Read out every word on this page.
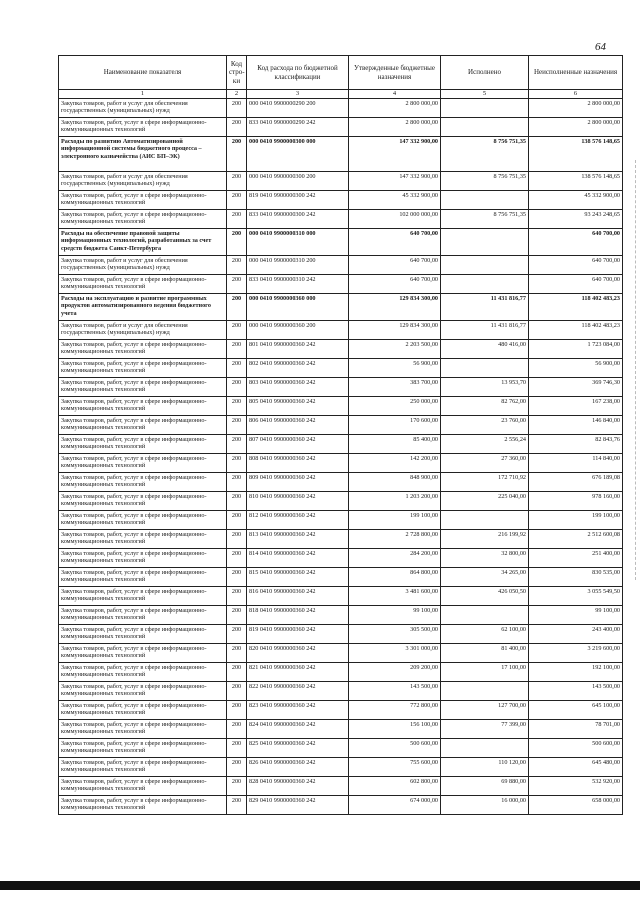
64
Наименование показателя	Код стро-ки	Код расхода по бюджетной классификации	Утвержденные бюджетные назначения	Исполнено	Неисполненные назначения
1	2	3	4	5	6
Закупка товаров, работ и услуг для обеспечения государственных (муниципальных) нужд	200	000 0410 9900000290 200	2 800 000,00		2 800 000,00
Закупка товаров, работ, услуг в сфере информационно-коммуникационных технологий	200	833 0410 9900000290 242	2 800 000,00		2 800 000,00
Расходы по развитию Автоматизированной информационной системы бюджетного процесса – электронного казначейства (АИС БП–ЭК)	200	000 0410 9900000300 000	147 332 900,00	8 756 751,35	138 576 148,65
Закупка товаров, работ и услуг для обеспечения государственных (муниципальных) нужд	200	000 0410 9900000300 200	147 332 900,00	8 756 751,35	138 576 148,65
Закупка товаров, работ, услуг в сфере информационно-коммуникационных технологий	200	819 0410 9900000300 242	45 332 900,00		45 332 900,00
Закупка товаров, работ, услуг в сфере информационно-коммуникационных технологий	200	833 0410 9900000300 242	102 000 000,00	8 756 751,35	93 243 248,65
Расходы на обеспечение правовой защиты информационных технологий, разработанных за счет средств бюджета Санкт-Петербурга	200	000 0410 9900000310 000	640 700,00		640 700,00
Закупка товаров, работ и услуг для обеспечения государственных (муниципальных) нужд	200	000 0410 9900000310 200	640 700,00		640 700,00
Закупка товаров, работ, услуг в сфере информационно-коммуникационных технологий	200	833 0410 9900000310 242	640 700,00		640 700,00
Расходы на эксплуатацию и развитие программных продуктов автоматизированного ведения бюджетного учета	200	000 0410 9900000360 000	129 834 300,00	11 431 816,77	118 402 483,23
Закупка товаров, работ и услуг для обеспечения государственных (муниципальных) нужд	200	000 0410 9900000360 200	129 834 300,00	11 431 816,77	118 402 483,23
Закупка товаров, работ, услуг в сфере информационно-коммуникационных технологий	200	801 0410 9900000360 242	2 203 500,00	480 416,00	1 723 084,00
Закупка товаров, работ, услуг в сфере информационно-коммуникационных технологий	200	802 0410 9900000360 242	56 900,00		56 900,00
Закупка товаров, работ, услуг в сфере информационно-коммуникационных технологий	200	803 0410 9900000360 242	383 700,00	13 953,70	369 746,30
Закупка товаров, работ, услуг в сфере информационно-коммуникационных технологий	200	805 0410 9900000360 242	250 000,00	82 762,00	167 238,00
Закупка товаров, работ, услуг в сфере информационно-коммуникационных технологий	200	806 0410 9900000360 242	170 600,00	23 760,00	146 840,00
Закупка товаров, работ, услуг в сфере информационно-коммуникационных технологий	200	807 0410 9900000360 242	85 400,00	2 556,24	82 843,76
Закупка товаров, работ, услуг в сфере информационно-коммуникационных технологий	200	808 0410 9900000360 242	142 200,00	27 360,00	114 840,00
Закупка товаров, работ, услуг в сфере информационно-коммуникационных технологий	200	809 0410 9900000360 242	848 900,00	172 710,92	676 189,08
Закупка товаров, работ, услуг в сфере информационно-коммуникационных технологий	200	810 0410 9900000360 242	1 203 200,00	225 040,00	978 160,00
Закупка товаров, работ, услуг в сфере информационно-коммуникационных технологий	200	812 0410 9900000360 242	199 100,00		199 100,00
Закупка товаров, работ, услуг в сфере информационно-коммуникационных технологий	200	813 0410 9900000360 242	2 728 800,00	216 199,92	2 512 600,08
Закупка товаров, работ, услуг в сфере информационно-коммуникационных технологий	200	814 0410 9900000360 242	284 200,00	32 800,00	251 400,00
Закупка товаров, работ, услуг в сфере информационно-коммуникационных технологий	200	815 0410 9900000360 242	864 800,00	34 265,00	830 535,00
Закупка товаров, работ, услуг в сфере информационно-коммуникационных технологий	200	816 0410 9900000360 242	3 481 600,00	426 050,50	3 055 549,50
Закупка товаров, работ, услуг в сфере информационно-коммуникационных технологий	200	818 0410 9900000360 242	99 100,00		99 100,00
Закупка товаров, работ, услуг в сфере информационно-коммуникационных технологий	200	819 0410 9900000360 242	305 500,00	62 100,00	243 400,00
Закупка товаров, работ, услуг в сфере информационно-коммуникационных технологий	200	820 0410 9900000360 242	3 301 000,00	81 400,00	3 219 600,00
Закупка товаров, работ, услуг в сфере информационно-коммуникационных технологий	200	821 0410 9900000360 242	209 200,00	17 100,00	192 100,00
Закупка товаров, работ, услуг в сфере информационно-коммуникационных технологий	200	822 0410 9900000360 242	143 500,00		143 500,00
Закупка товаров, работ, услуг в сфере информационно-коммуникационных технологий	200	823 0410 9900000360 242	772 800,00	127 700,00	645 100,00
Закупка товаров, работ, услуг в сфере информационно-коммуникационных технологий	200	824 0410 9900000360 242	156 100,00	77 399,00	78 701,00
Закупка товаров, работ, услуг в сфере информационно-коммуникационных технологий	200	825 0410 9900000360 242	500 600,00		500 600,00
Закупка товаров, работ, услуг в сфере информационно-коммуникационных технологий	200	826 0410 9900000360 242	755 600,00	110 120,00	645 480,00
Закупка товаров, работ, услуг в сфере информационно-коммуникационных технологий	200	828 0410 9900000360 242	602 800,00	69 880,00	532 920,00
Закупка товаров, работ, услуг в сфере информационно-коммуникационных технологий	200	829 0410 9900000360 242	674 000,00	16 000,00	658 000,00
